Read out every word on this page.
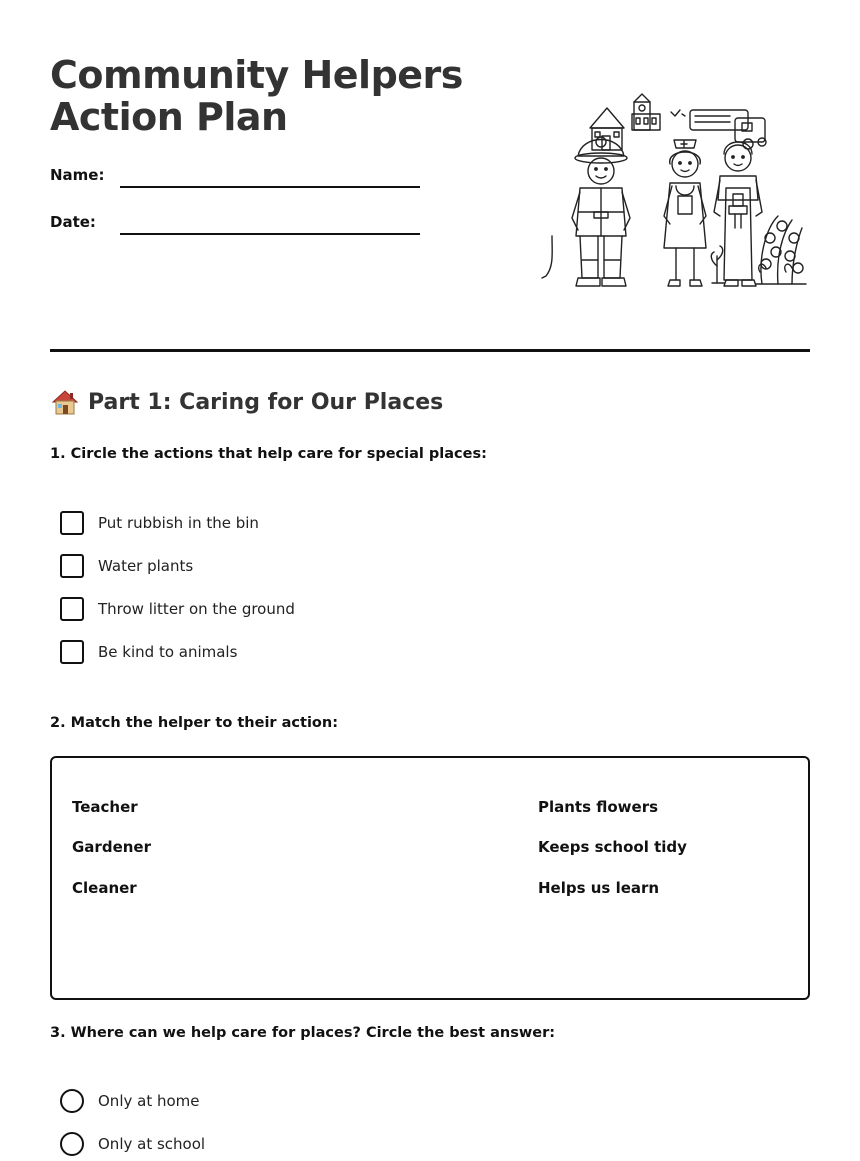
Community Helpers
Action Plan
Name:
Date:
Part 1: Caring for Our Places
1. Circle the actions that help care for special places:
Put rubbish in the bin
Water plants
Throw litter on the ground
Be kind to animals
2. Match the helper to their action:
Teacher
Gardener
Cleaner
Plants flowers
Keeps school tidy
Helps us learn
3. Where can we help care for places? Circle the best answer:
Only at home
Only at school
